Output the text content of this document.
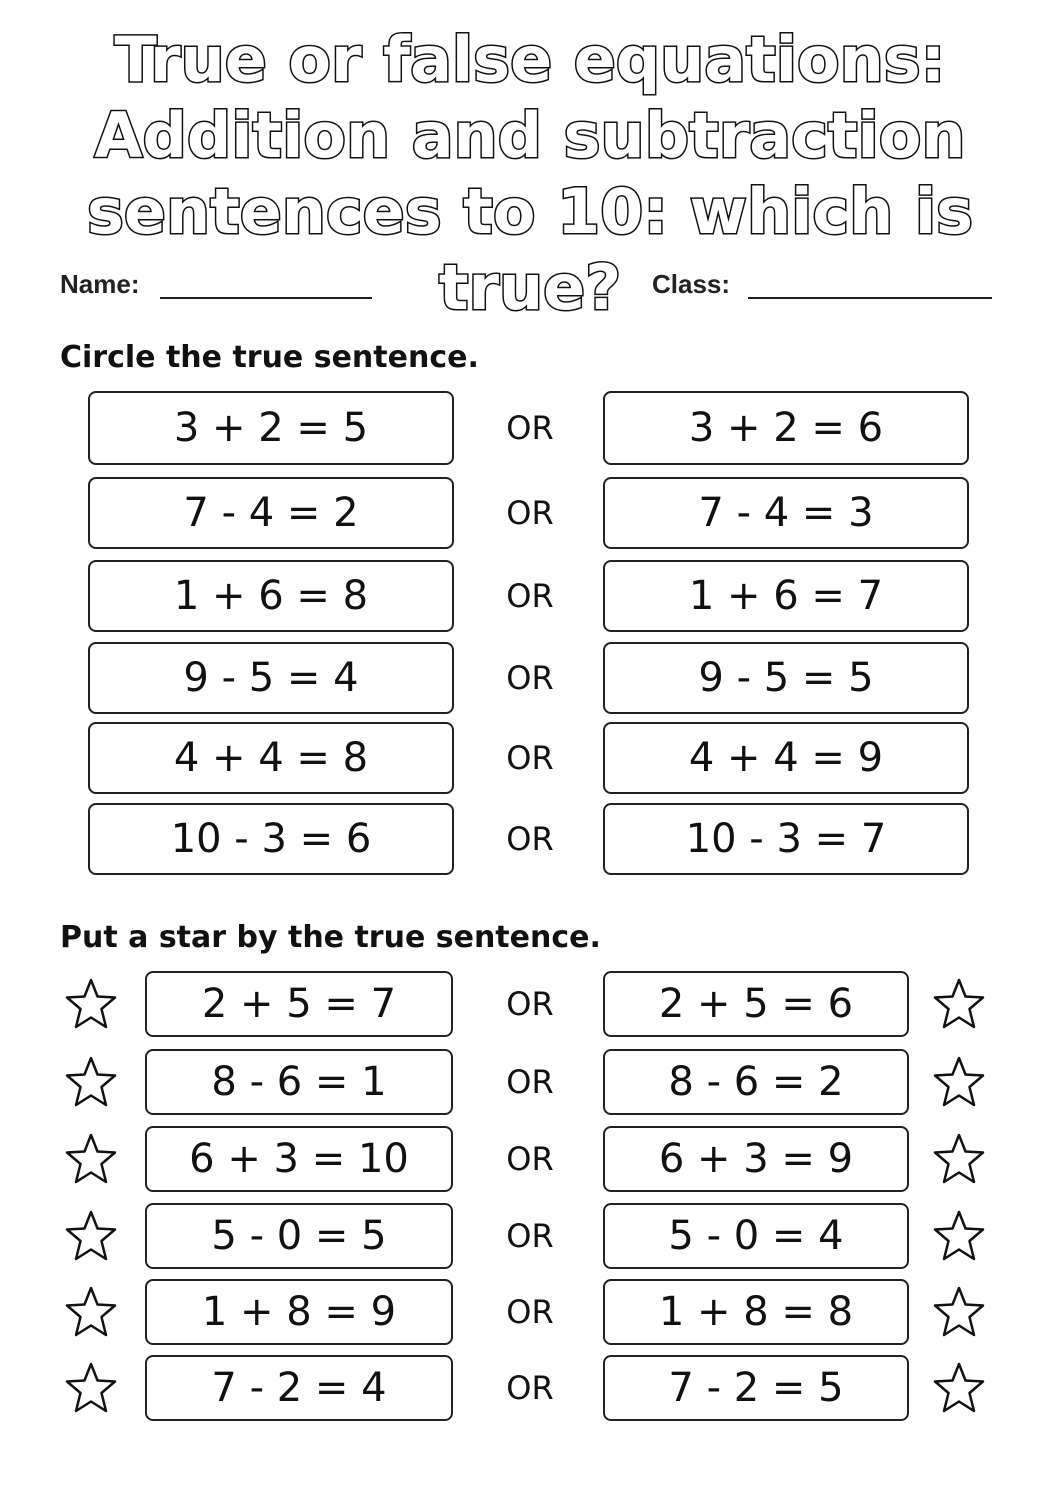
True or false equations: Addition and subtraction sentences to 10: which is true?
Name:	Class:
Circle the true sentence.
3 + 2 = 5	OR	3 + 2 = 6
7 - 4 = 2	OR	7 - 4 = 3
1 + 6 = 8	OR	1 + 6 = 7
9 - 5 = 4	OR	9 - 5 = 5
4 + 4 = 8	OR	4 + 4 = 9
10 - 3 = 6	OR	10 - 3 = 7
Put a star by the true sentence.
2 + 5 = 7	OR	2 + 5 = 6
8 - 6 = 1	OR	8 - 6 = 2
6 + 3 = 10	OR	6 + 3 = 9
5 - 0 = 5	OR	5 - 0 = 4
1 + 8 = 9	OR	1 + 8 = 8
7 - 2 = 4	OR	7 - 2 = 5
